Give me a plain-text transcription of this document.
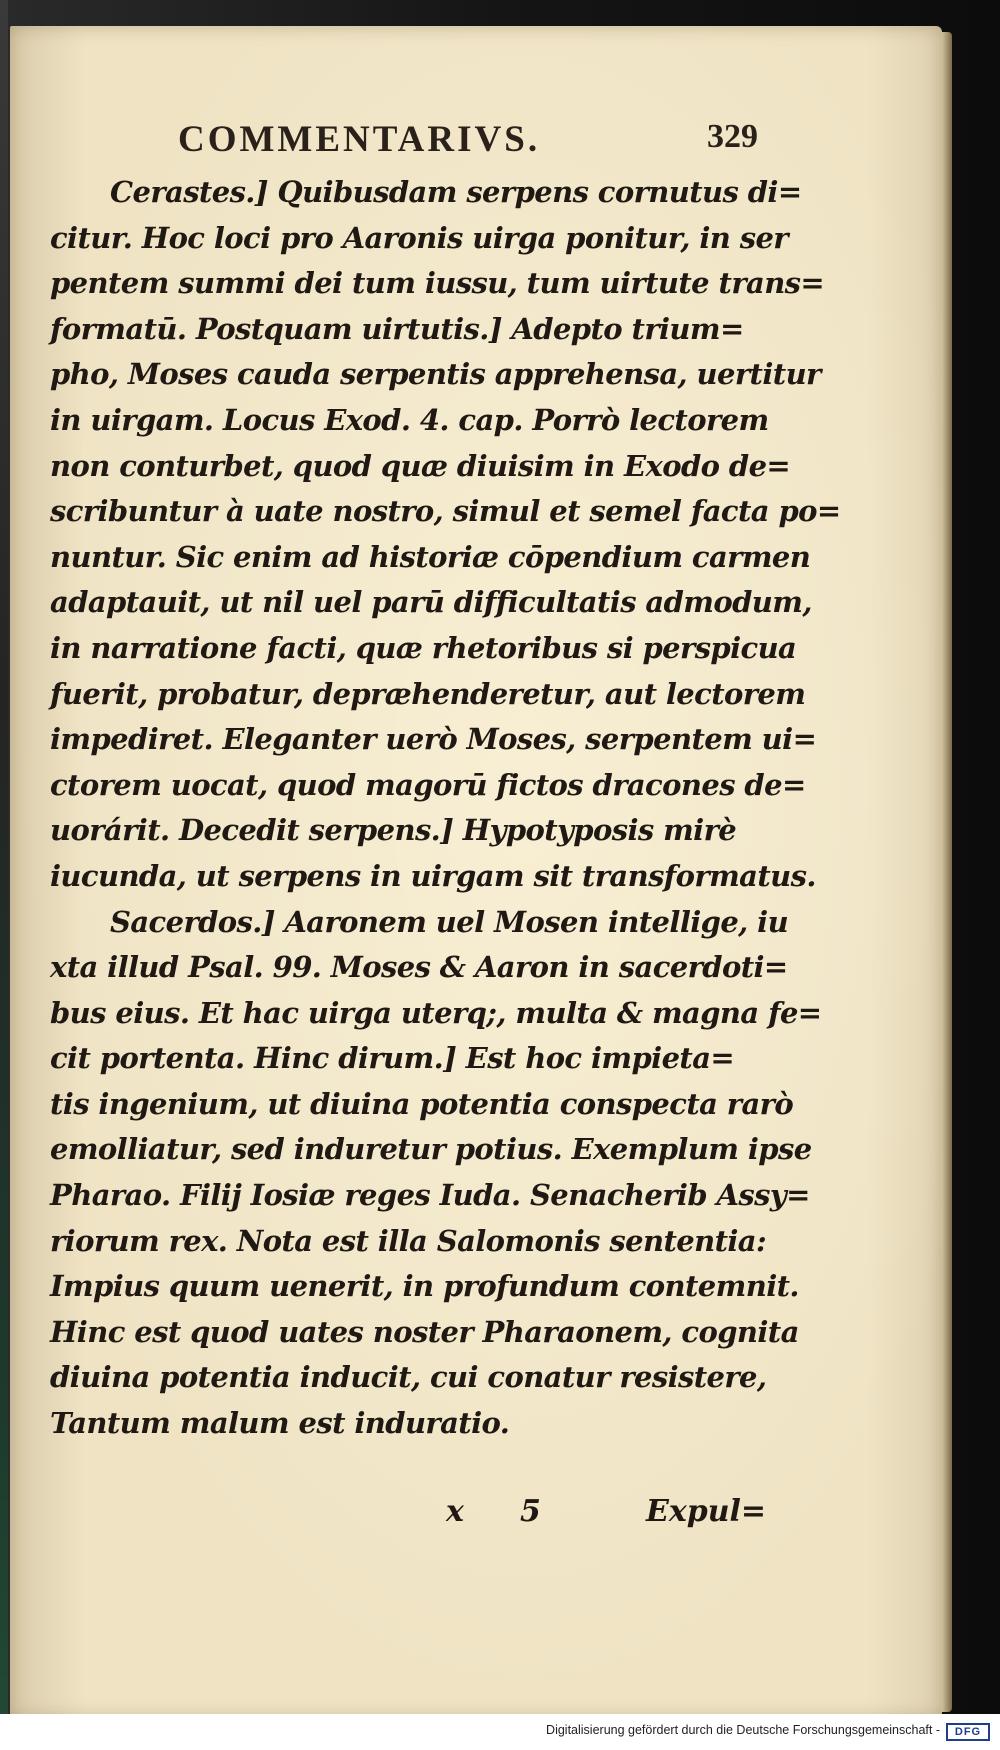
COMMENTARIVS.	329
Cerastes.] Quibusdam serpens cornutus di=
citur. Hoc loci pro Aaronis uirga ponitur, in ser
pentem summi dei tum iussu, tum uirtute trans=
formatū. Postquam uirtutis.] Adepto trium=
pho, Moses cauda serpentis apprehensa, uertitur
in uirgam. Locus Exod. 4. cap. Porrò lectorem
non conturbet, quod quæ diuisim in Exodo de=
scribuntur à uate nostro, simul et semel facta po=
nuntur. Sic enim ad historiæ cōpendium carmen
adaptauit, ut nil uel parū difficultatis admodum,
in narratione facti, quæ rhetoribus si perspicua
fuerit, probatur, depræhenderetur, aut lectorem
impediret. Eleganter uerò Moses, serpentem ui=
ctorem uocat, quod magorū fictos dracones de=
uorárit. Decedit serpens.] Hypotyposis mirè
iucunda, ut serpens in uirgam sit transformatus.
Sacerdos.] Aaronem uel Mosen intellige, iu
xta illud Psal. 99. Moses & Aaron in sacerdoti=
bus eius. Et hac uirga uterq;, multa & magna fe=
cit portenta. Hinc dirum.] Est hoc impieta=
tis ingenium, ut diuina potentia conspecta rarò
emolliatur, sed induretur potius. Exemplum ipse
Pharao. Filij Iosiæ reges Iuda. Senacherib Assy=
riorum rex. Nota est illa Salomonis sententia:
Impius quum uenerit, in profundum contemnit.
Hinc est quod uates noster Pharaonem, cognita
diuina potentia inducit, cui conatur resistere,
Tantum malum est induratio.
x 5	Expul=
Digitalisierung gefördert durch die Deutsche Forschungsgemeinschaft -	DFG
